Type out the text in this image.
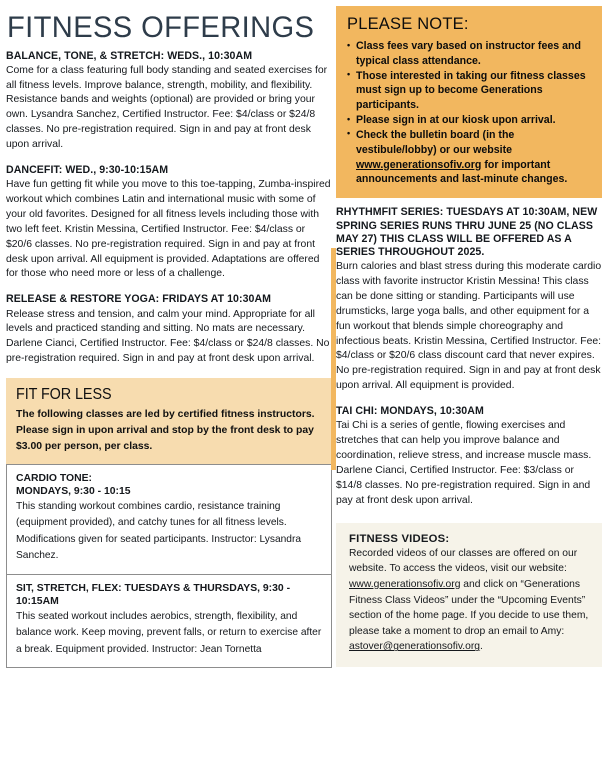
FITNESS OFFERINGS
BALANCE, TONE, & STRETCH: WEDS., 10:30AM
Come for a class featuring full body standing and seated exercises for all fitness levels. Improve balance, strength, mobility, and flexibility. Resistance bands and weights (optional) are provided or bring your own. Lysandra Sanchez, Certified Instructor. Fee: $4/class or $24/8 classes. No pre-registration required. Sign in and pay at front desk upon arrival.
DANCEFIT: WED., 9:30-10:15AM
Have fun getting fit while you move to this toe-tapping, Zumba-inspired workout which combines Latin and international music with some of your old favorites. Designed for all fitness levels including those with two left feet. Kristin Messina, Certified Instructor. Fee: $4/class or $20/6 classes. No pre-registration required. Sign in and pay at front desk upon arrival. All equipment is provided. Adaptations are offered for those who need more or less of a challenge.
RELEASE & RESTORE YOGA: FRIDAYS AT 10:30AM
Release stress and tension, and calm your mind. Appropriate for all levels and practiced standing and sitting. No mats are necessary. Darlene Cianci, Certified Instructor. Fee: $4/class or $24/8 classes. No pre-registration required. Sign in and pay at front desk upon arrival.
FIT FOR LESS
The following classes are led by certified fitness instructors. Please sign in upon arrival and stop by the front desk to pay $3.00 per person, per class.
CARDIO TONE:
MONDAYS, 9:30 - 10:15
This standing workout combines cardio, resistance training (equipment provided), and catchy tunes for all fitness levels. Modifications given for seated participants. Instructor: Lysandra Sanchez.
SIT, STRETCH, FLEX: TUESDAYS & THURSDAYS, 9:30 - 10:15AM
This seated workout includes aerobics, strength, flexibility, and balance work. Keep moving, prevent falls, or return to exercise after a break. Equipment provided. Instructor: Jean Tornetta
PLEASE NOTE:
• Class fees vary based on instructor fees and typical class attendance.
• Those interested in taking our fitness classes must sign up to become Generations participants.
• Please sign in at our kiosk upon arrival.
• Check the bulletin board (in the vestibule/lobby) or our website www.generationsofiv.org for important announcements and last-minute changes.
RHYTHMFIT SERIES: TUESDAYS AT 10:30AM, NEW SPRING SERIES RUNS THRU JUNE 25 (NO CLASS MAY 27) THIS CLASS WILL BE OFFERED AS A SERIES THROUGHOUT 2025.
Burn calories and blast stress during this moderate cardio class with favorite instructor Kristin Messina! This class can be done sitting or standing. Participants will use drumsticks, large yoga balls, and other equipment for a fun workout that blends simple choreography and infectious beats. Kristin Messina, Certified Instructor. Fee: $4/class or $20/6 class discount card that never expires. No pre-registration required. Sign in and pay at front desk upon arrival. All equipment is provided.
TAI CHI: MONDAYS, 10:30AM
Tai Chi is a series of gentle, flowing exercises and stretches that can help you improve balance and coordination, relieve stress, and increase muscle mass. Darlene Cianci, Certified Instructor. Fee: $3/class or $14/8 classes. No pre-registration required. Sign in and pay at front desk upon arrival.
FITNESS VIDEOS:
Recorded videos of our classes are offered on our website. To access the videos, visit our website: www.generationsofiv.org and click on “Generations Fitness Class Videos” under the “Upcoming Events” section of the home page. If you decide to use them, please take a moment to drop an email to Amy: astover@generationsofiv.org.
